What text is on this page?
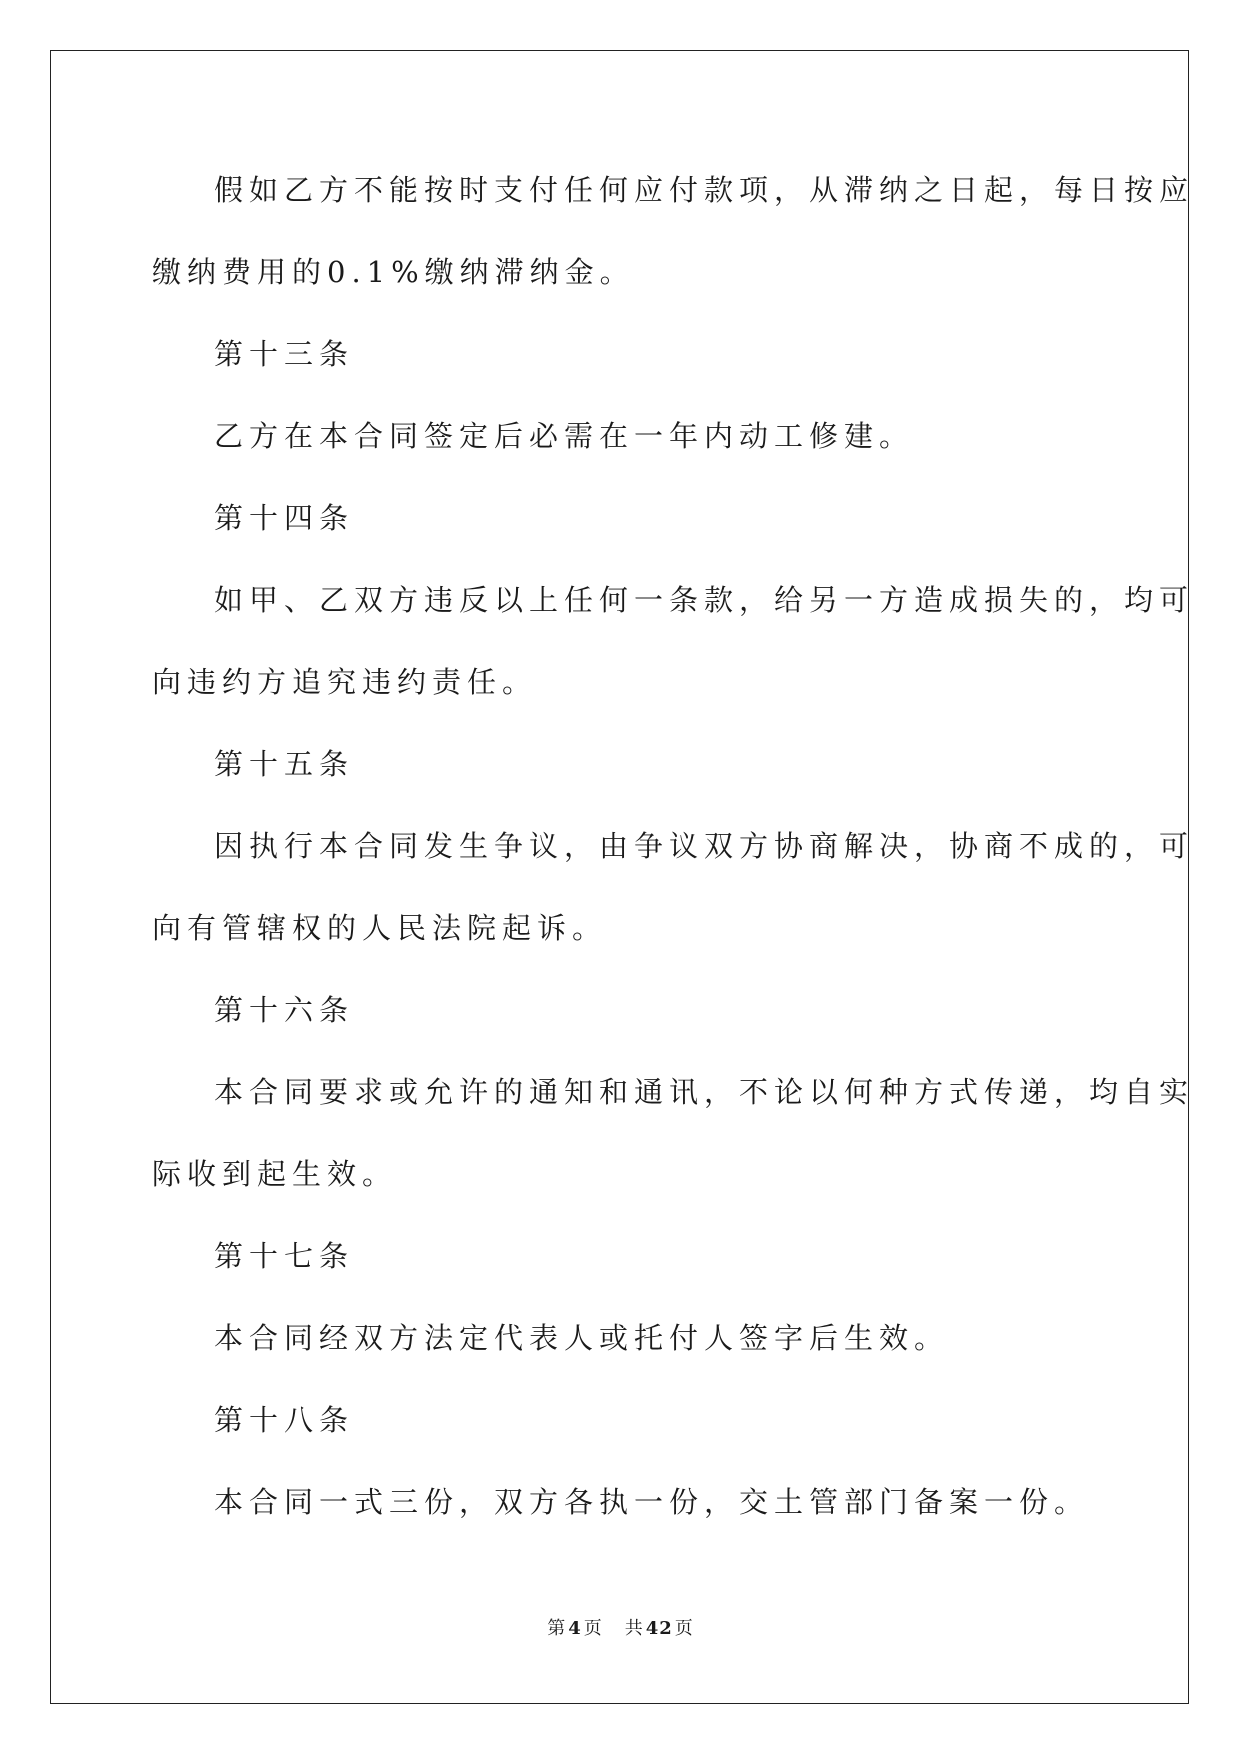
假如乙方不能按时支付任何应付款项，从滞纳之日起，每日按应
缴纳费用的0.1%缴纳滞纳金。
第十三条
乙方在本合同签定后必需在一年内动工修建。
第十四条
如甲、乙双方违反以上任何一条款，给另一方造成损失的，均可
向违约方追究违约责任。
第十五条
因执行本合同发生争议，由争议双方协商解决，协商不成的，可
向有管辖权的人民法院起诉。
第十六条
本合同要求或允许的通知和通讯，不论以何种方式传递，均自实
际收到起生效。
第十七条
本合同经双方法定代表人或托付人签字后生效。
第十八条
本合同一式三份，双方各执一份，交土管部门备案一份。
第 4 页 共 42 页
